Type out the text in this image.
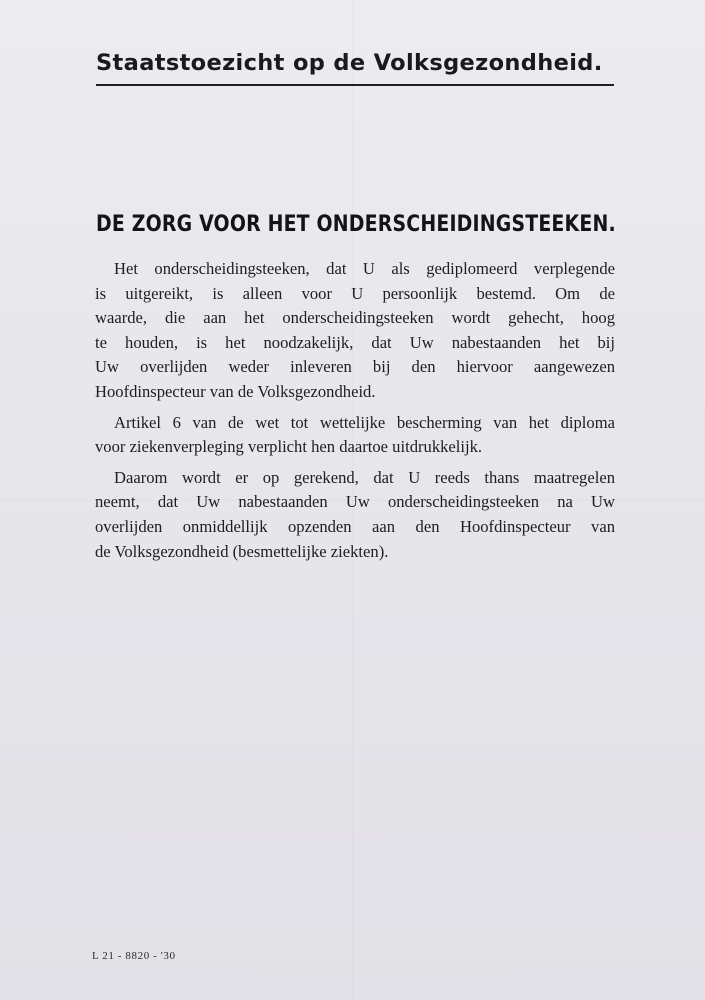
Staatstoezicht op de Volksgezondheid.
DE ZORG VOOR HET ONDERSCHEIDINGSTEEKEN.
Het onderscheidingsteeken, dat U als gediplomeerd verplegende
is uitgereikt, is alleen voor U persoonlijk bestemd. Om de
waarde, die aan het onderscheidingsteeken wordt gehecht, hoog
te houden, is het noodzakelijk, dat Uw nabestaanden het bij
Uw overlijden weder inleveren bij den hiervoor aangewezen
Hoofdinspecteur van de Volksgezondheid.
Artikel 6 van de wet tot wettelijke bescherming van het diploma
voor ziekenverpleging verplicht hen daartoe uitdrukkelijk.
Daarom wordt er op gerekend, dat U reeds thans maatregelen
neemt, dat Uw nabestaanden Uw onderscheidingsteeken na Uw
overlijden onmiddellijk opzenden aan den Hoofdinspecteur van
de Volksgezondheid (besmettelijke ziekten).
L 21 - 8820 - '30
